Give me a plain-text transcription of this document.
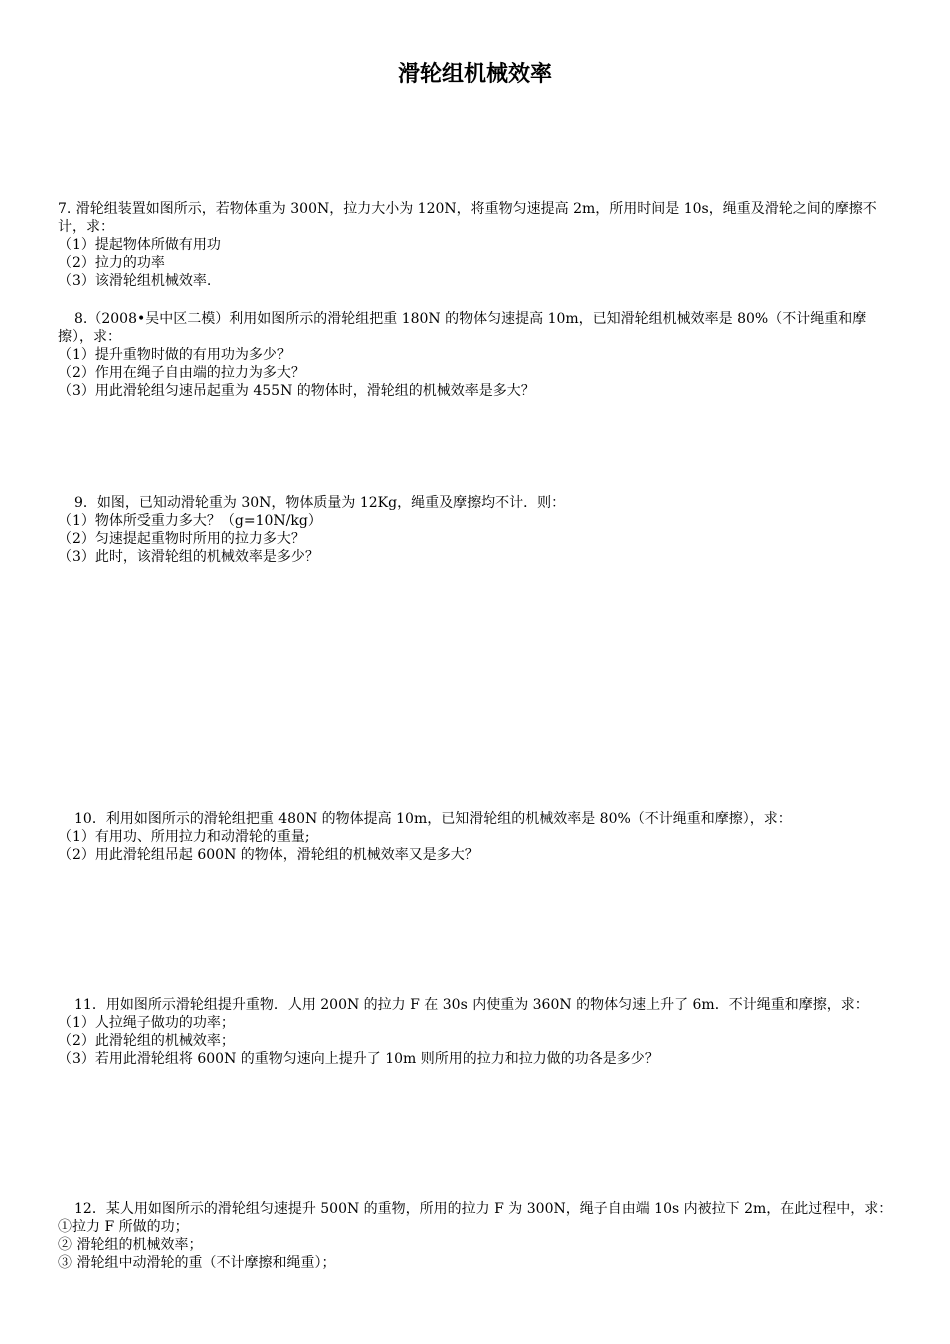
滑轮组机械效率

7. 滑轮组装置如图所示，若物体重为 300N，拉力大小为 120N，将重物匀速提高 2m，所用时间是 10s，绳重及滑轮之间的摩擦不计，求：

（1）提起物体所做有用功

（2）拉力的功率

（3）该滑轮组机械效率.

8.（2008•吴中区二模）利用如图所示的滑轮组把重 180N 的物体匀速提高 10m，已知滑轮组机械效率是 80%（不计绳重和摩擦），求：

（1）提升重物时做的有用功为多少？

（2）作用在绳子自由端的拉力为多大？

（3）用此滑轮组匀速吊起重为 455N 的物体时，滑轮组的机械效率是多大？

9．如图，已知动滑轮重为 30N，物体质量为 12Kg，绳重及摩擦均不计．则：

（1）物体所受重力多大？（g=10N/kg）

（2）匀速提起重物时所用的拉力多大？

（3）此时，该滑轮组的机械效率是多少？

10．利用如图所示的滑轮组把重 480N 的物体提高 10m，已知滑轮组的机械效率是 80%（不计绳重和摩擦），求：

（1）有用功、所用拉力和动滑轮的重量;

（2）用此滑轮组吊起 600N 的物体，滑轮组的机械效率又是多大？

11．用如图所示滑轮组提升重物．人用 200N 的拉力 F 在 30s 内使重为 360N 的物体匀速上升了 6m．不计绳重和摩擦，求：

（1）人拉绳子做功的功率；

（2）此滑轮组的机械效率；

（3）若用此滑轮组将 600N 的重物匀速向上提升了 10m 则所用的拉力和拉力做的功各是多少？

12．某人用如图所示的滑轮组匀速提升 500N 的重物，所用的拉力 F 为 300N，绳子自由端 10s 内被拉下 2m，在此过程中，求：①拉力 F 所做的功；

② 滑轮组的机械效率；

③ 滑轮组中动滑轮的重（不计摩擦和绳重）；
